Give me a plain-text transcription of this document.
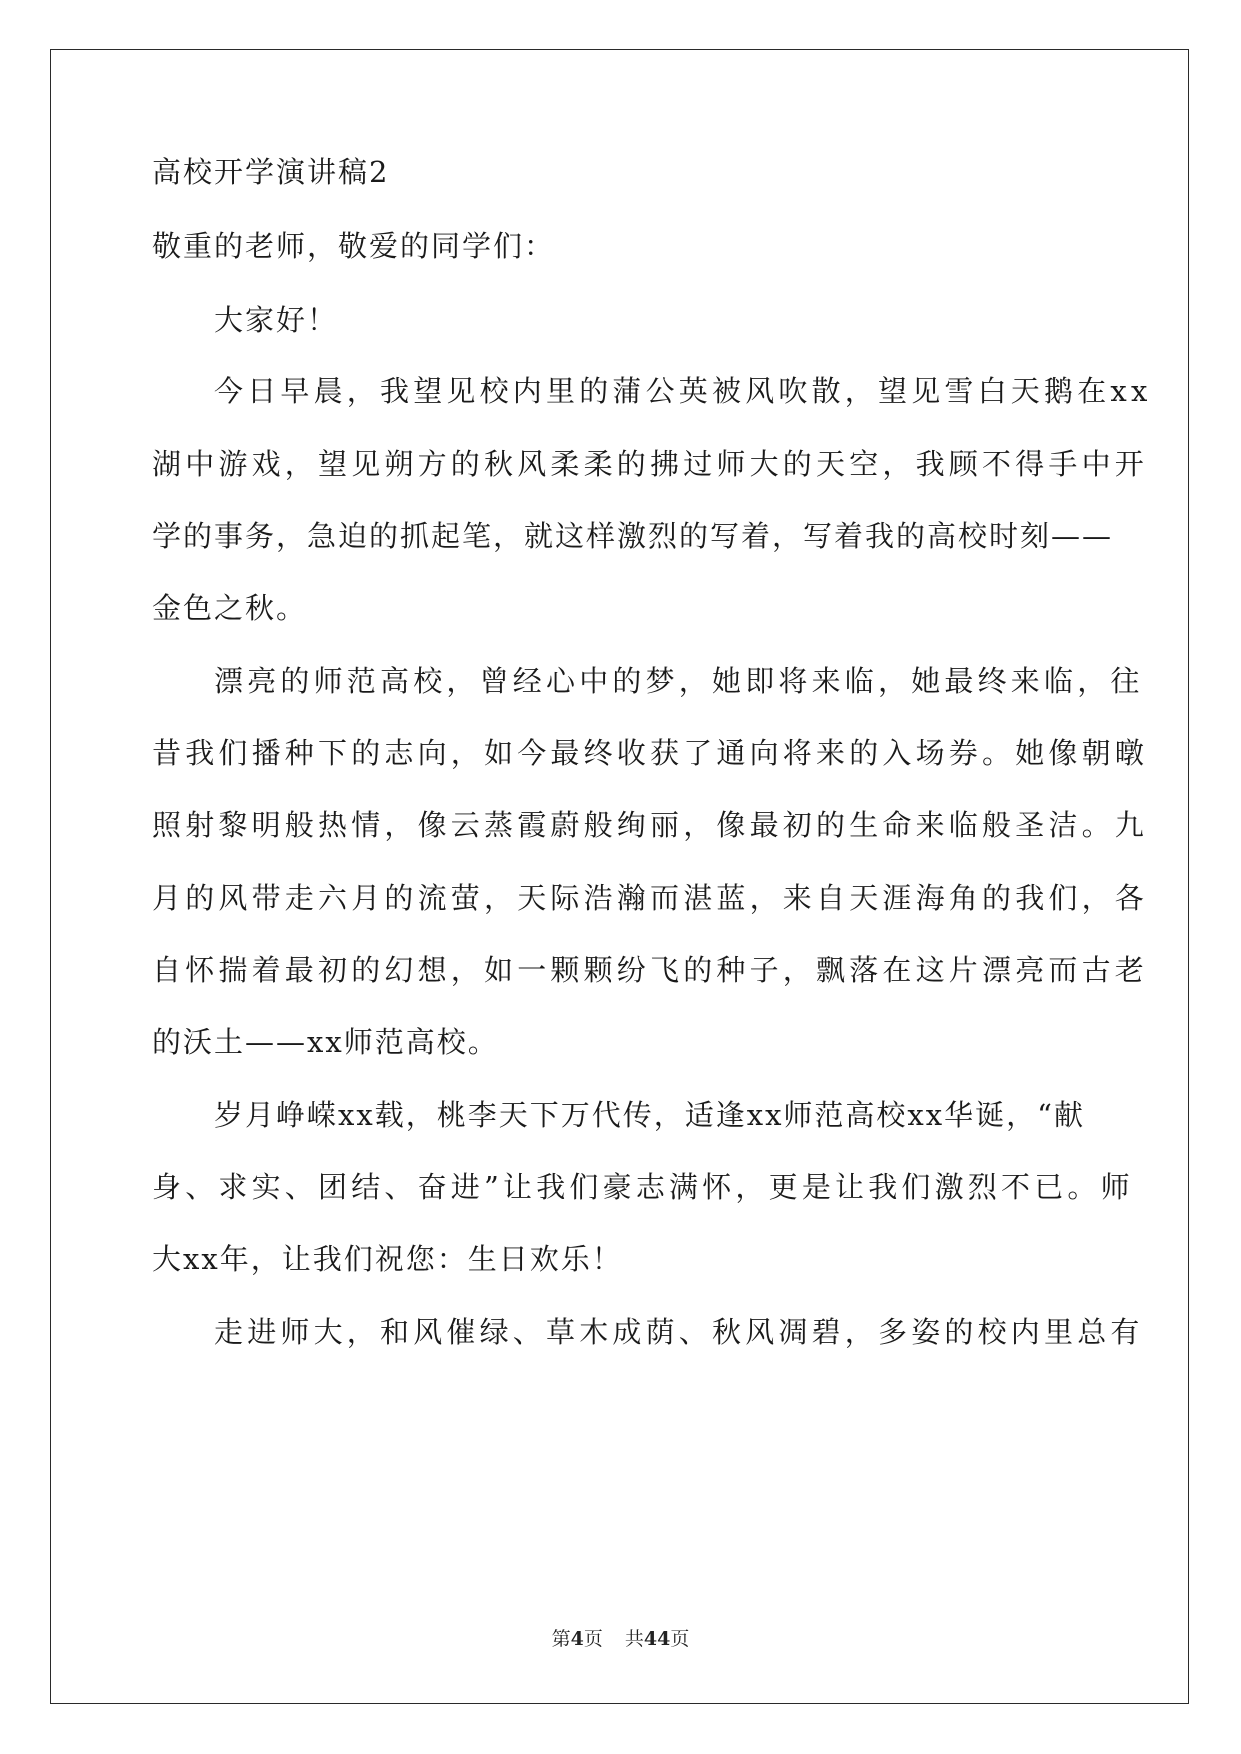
高校开学演讲稿2
敬重的老师，敬爱的同学们：
大家好！
今日早晨，我望见校内里的蒲公英被风吹散，望见雪白天鹅在xx
湖中游戏，望见朔方的秋风柔柔的拂过师大的天空，我顾不得手中开
学的事务，急迫的抓起笔，就这样激烈的写着，写着我的高校时刻——
金色之秋。
漂亮的师范高校，曾经心中的梦，她即将来临，她最终来临，往
昔我们播种下的志向，如今最终收获了通向将来的入场券。她像朝暾
照射黎明般热情，像云蒸霞蔚般绚丽，像最初的生命来临般圣洁。九
月的风带走六月的流萤，天际浩瀚而湛蓝，来自天涯海角的我们，各
自怀揣着最初的幻想，如一颗颗纷飞的种子，飘落在这片漂亮而古老
的沃土——xx师范高校。
岁月峥嵘xx载，桃李天下万代传，适逢xx师范高校xx华诞，“献
身、求实、团结、奋进”让我们豪志满怀，更是让我们激烈不已。师
大xx年，让我们祝您：生日欢乐！
走进师大，和风催绿、草木成荫、秋风凋碧，多姿的校内里总有
第4页 共44页
